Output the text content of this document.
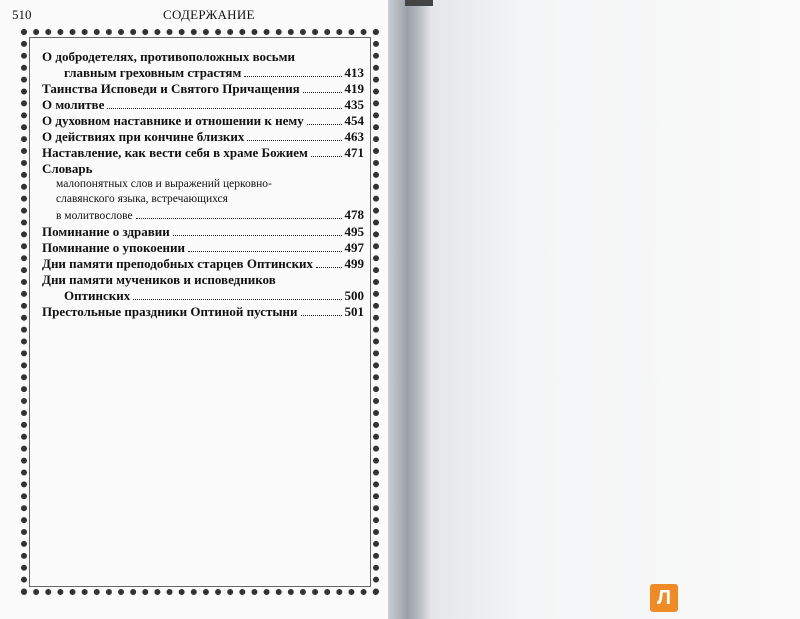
510	СОДЕРЖАНИЕ
О добродетелях, противоположных восьми
главным греховным страстям	413
Таинства Исповеди и Святого Причащения	419
О молитве	435
О духовном наставнике и отношении к нему	454
О действиях при кончине близких	463
Наставление, как вести себя в храме Божием	471
Словарь
малопонятных слов и выражений церковно-
славянского языка, встречающихся
в молитвослове	478
Поминание о здравии	495
Поминание о упокоении	497
Дни памяти преподобных старцев Оптинских 499
Дни памяти мучеников и исповедников
Оптинских	500
Престольные праздники Оптиной пустыни	501
Л
